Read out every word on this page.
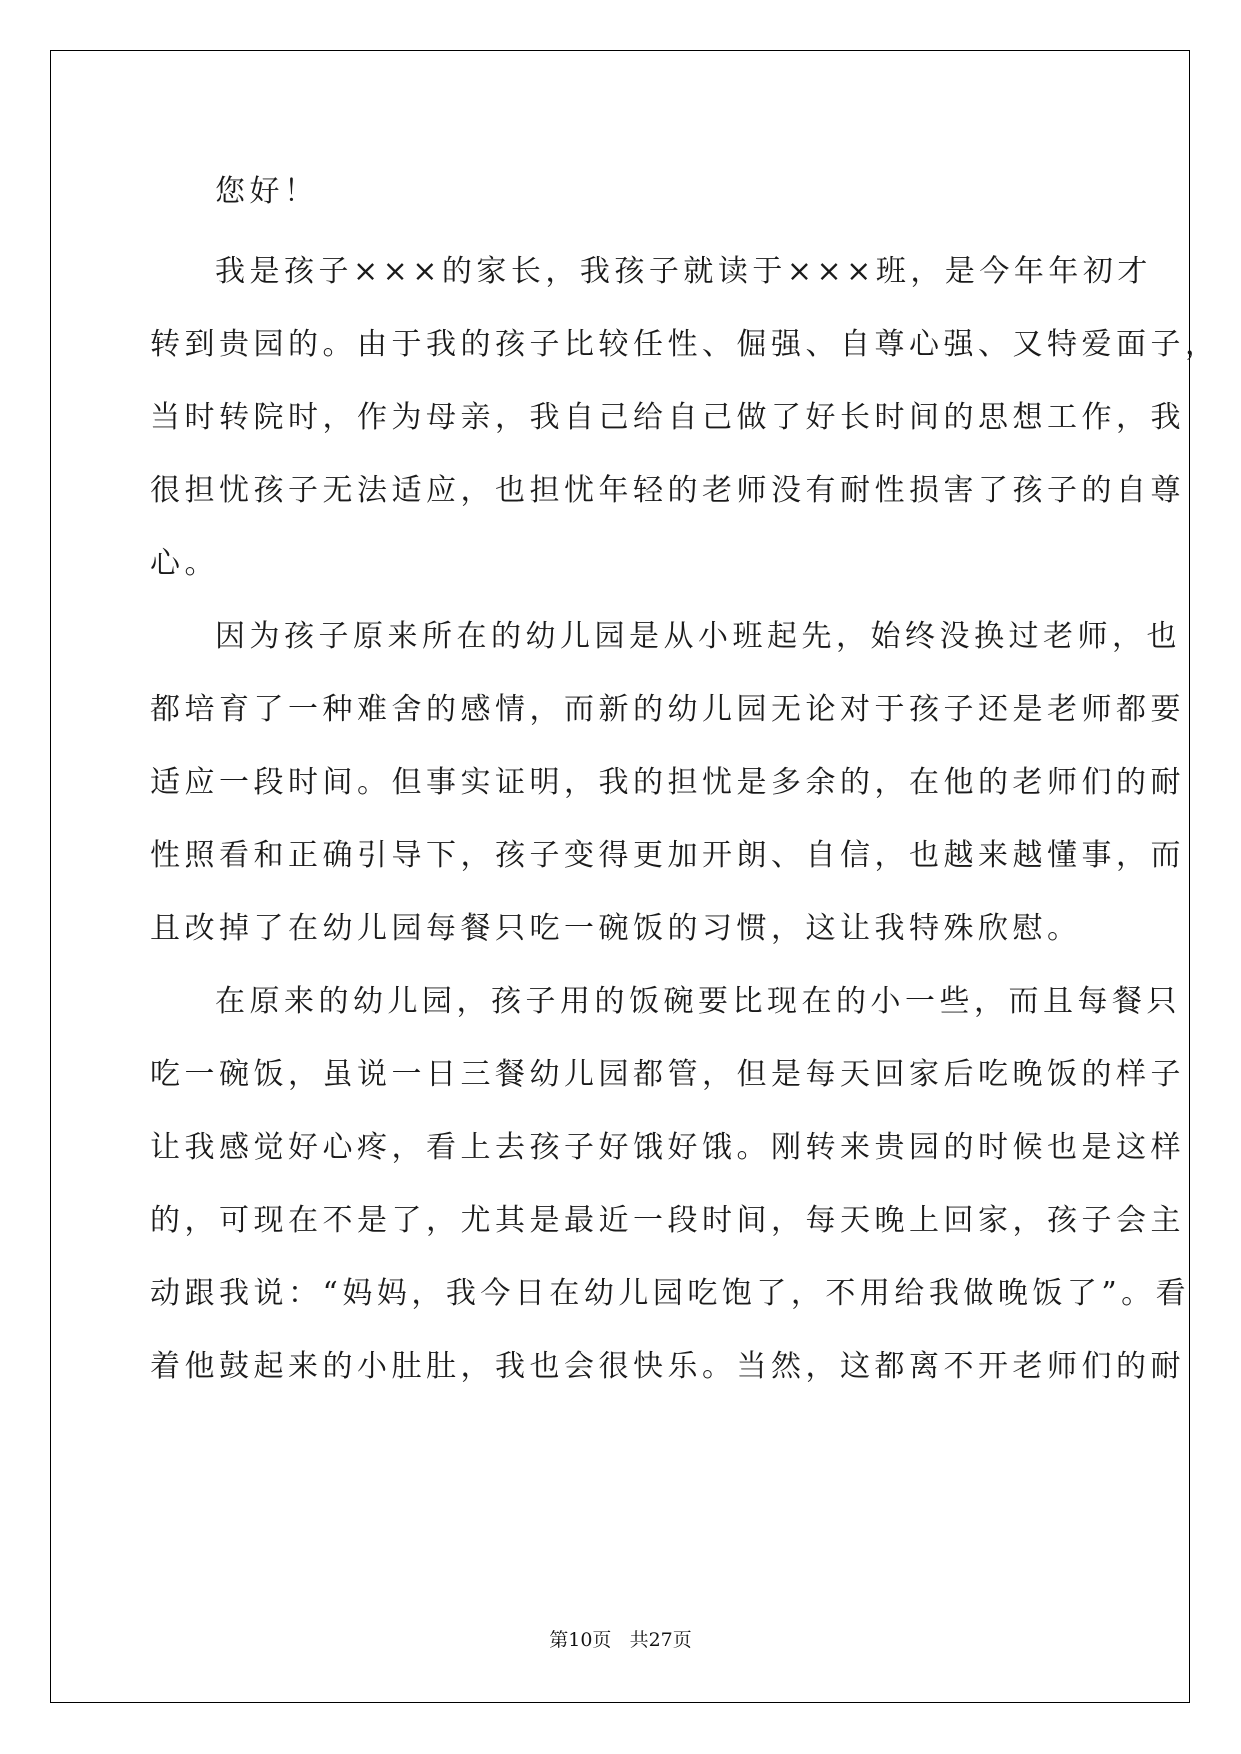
您好！
我是孩子×××的家长，我孩子就读于×××班，是今年年初才
转到贵园的。由于我的孩子比较任性、倔强、自尊心强、又特爱面子，
当时转院时，作为母亲，我自己给自己做了好长时间的思想工作，我
很担忧孩子无法适应，也担忧年轻的老师没有耐性损害了孩子的自尊
心。
因为孩子原来所在的幼儿园是从小班起先，始终没换过老师，也
都培育了一种难舍的感情，而新的幼儿园无论对于孩子还是老师都要
适应一段时间。但事实证明，我的担忧是多余的，在他的老师们的耐
性照看和正确引导下，孩子变得更加开朗、自信，也越来越懂事，而
且改掉了在幼儿园每餐只吃一碗饭的习惯，这让我特殊欣慰。
在原来的幼儿园，孩子用的饭碗要比现在的小一些，而且每餐只
吃一碗饭，虽说一日三餐幼儿园都管，但是每天回家后吃晚饭的样子
让我感觉好心疼，看上去孩子好饿好饿。刚转来贵园的时候也是这样
的，可现在不是了，尤其是最近一段时间，每天晚上回家，孩子会主
动跟我说：“妈妈，我今日在幼儿园吃饱了，不用给我做晚饭了”。看
着他鼓起来的小肚肚，我也会很快乐。当然，这都离不开老师们的耐
第10页 共27页
